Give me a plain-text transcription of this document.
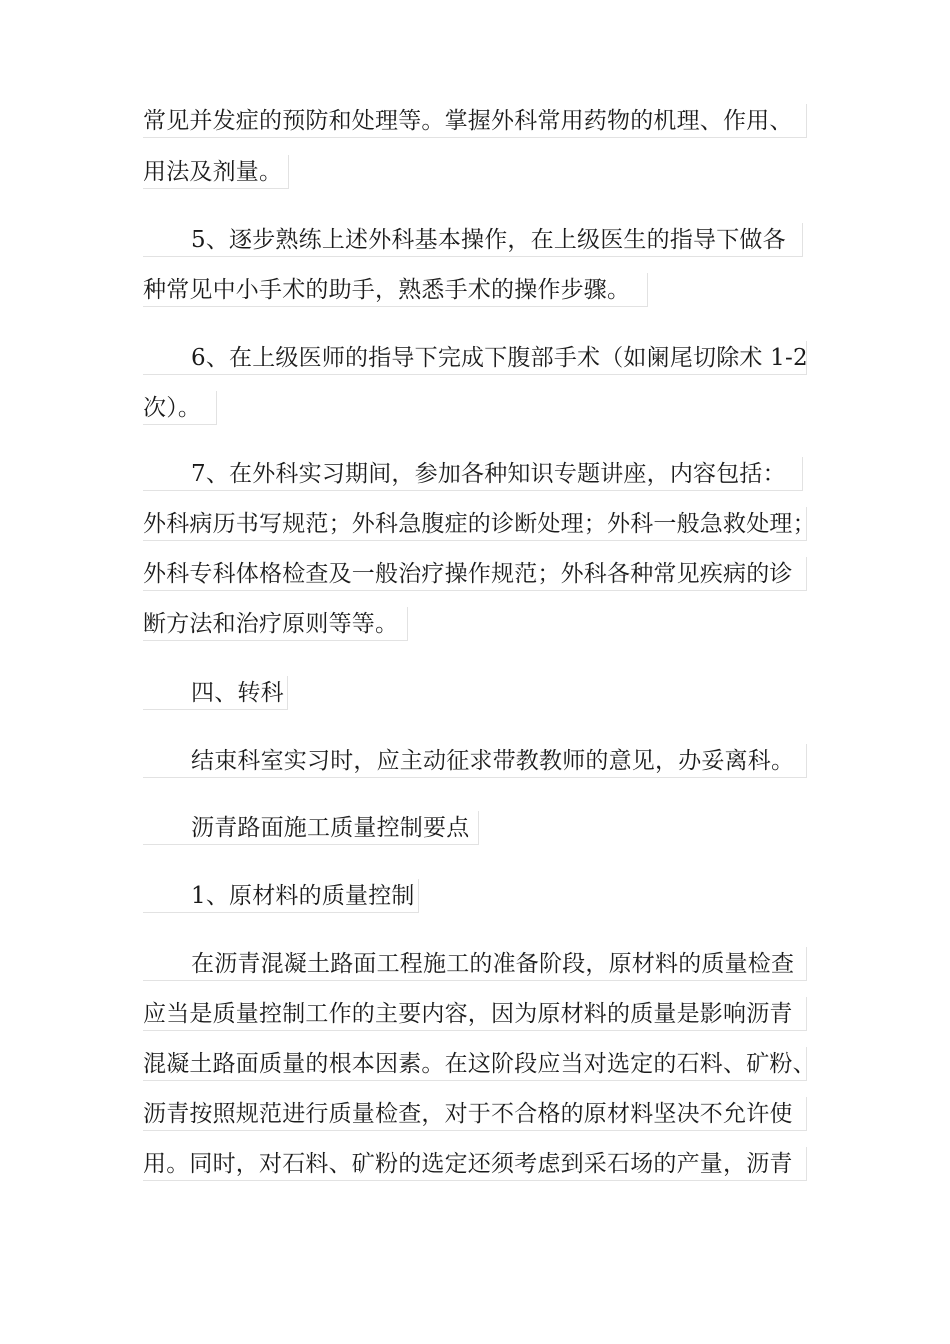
常见并发症的预防和处理等。掌握外科常用药物的机理、作用、
用法及剂量。
5、逐步熟练上述外科基本操作，在上级医生的指导下做各
种常见中小手术的助手，熟悉手术的操作步骤。
6、在上级医师的指导下完成下腹部手术（如阑尾切除术 1-2
次）。
7、在外科实习期间，参加各种知识专题讲座，内容包括：
外科病历书写规范；外科急腹症的诊断处理；外科一般急救处理；
外科专科体格检查及一般治疗操作规范；外科各种常见疾病的诊
断方法和治疗原则等等。
四、转科
结束科室实习时，应主动征求带教教师的意见，办妥离科。
沥青路面施工质量控制要点
1、原材料的质量控制
在沥青混凝土路面工程施工的准备阶段，原材料的质量检查
应当是质量控制工作的主要内容，因为原材料的质量是影响沥青
混凝土路面质量的根本因素。在这阶段应当对选定的石料、矿粉、
沥青按照规范进行质量检查，对于不合格的原材料坚决不允许使
用。同时，对石料、矿粉的选定还须考虑到采石场的产量，沥青
